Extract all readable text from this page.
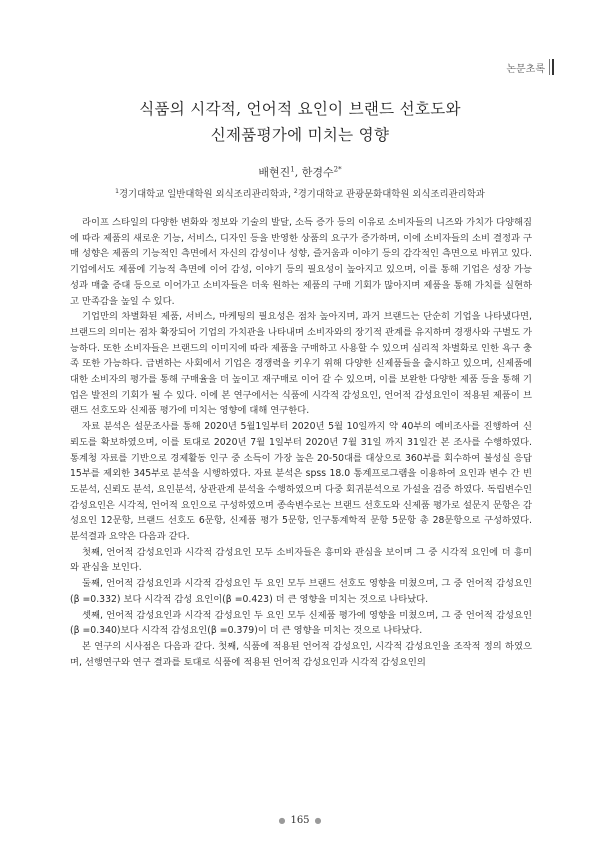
논문초록
식품의 시각적, 언어적 요인이 브랜드 선호도와
신제품평가에 미치는 영향
배현진$^1$, 한경수$^{2*}$
$^1$경기대학교 일반대학원 외식조리관리학과, $^2$경기대학교 관광문화대학원 외식조리관리학과

라이프 스타일의 다양한 변화와 정보와 기술의 발달, 소득 증가 등의 이유로 소비자들의 니즈와 가치가 다양해짐에 따라 제품의 새로운 기능, 서비스, 디자인 등을 반영한 상품의 요구가 증가하며, 이에 소비자들의 소비 결정과 구매 성향은 제품의 기능적인 측면에서 자신의 감성이나 성향, 즐거움과 이야기 등의 감각적인 측면으로 바뀌고 있다. 기업에서도 제품에 기능적 측면에 이어 감성, 이야기 등의 필요성이 높아지고 있으며, 이를 통해 기업은 성장 가능성과 매출 증대 등으로 이어가고 소비자들은 더욱 원하는 제품의 구매 기회가 많아지며 제품을 통해 가치를 실현하고 만족감을 높일 수 있다.

기업만의 차별화된 제품, 서비스, 마케팅의 필요성은 점차 높아지며, 과거 브랜드는 단순히 기업을 나타냈다면, 브랜드의 의미는 점차 확장되어 기업의 가치관을 나타내며 소비자와의 장기적 관계를 유지하며 경쟁사와 구별도 가능하다. 또한 소비자들은 브랜드의 이미지에 따라 제품을 구매하고 사용할 수 있으며 심리적 차별화로 인한 욕구 충족 또한 가능하다. 급변하는 사회에서 기업은 경쟁력을 키우기 위해 다양한 신제품들을 출시하고 있으며, 신제품에 대한 소비자의 평가를 통해 구매율을 더 높이고 재구매로 이어 갈 수 있으며, 이를 보완한 다양한 제품 등을 통해 기업은 발전의 기회가 될 수 있다. 이에 본 연구에서는 식품에 시각적 감성요인, 언어적 감성요인이 적용된 제품이 브랜드 선호도와 신제품 평가에 미치는 영향에 대해 연구한다.

자료 분석은 설문조사를 통해 2020년 5월1일부터 2020년 5월 10일까지 약 40부의 예비조사를 진행하여 신뢰도를 확보하였으며, 이를 토대로 2020년 7월 1일부터 2020년 7월 31일 까지 31일간 본 조사를 수행하였다. 통계청 자료를 기반으로 경제활동 인구 중 소득이 가장 높은 20-50대를 대상으로 360부를 회수하여 불성실 응답 15부를 제외한 345부로 분석을 시행하였다. 자료 분석은 spss 18.0 통계프로그램을 이용하여 요인과 변수 간 빈도분석, 신뢰도 분석, 요인분석, 상관관계 분석을 수행하였으며 다중 회귀분석으로 가설을 검증 하였다. 독립변수인 감성요인은 시각적, 언어적 요인으로 구성하였으며 종속변수로는 브랜드 선호도와 신제품 평가로 설문지 문항은 감성요인 12문항, 브랜드 선호도 6문항, 신제품 평가 5문항, 인구통계학적 문항 5문항 총 28문항으로 구성하였다. 분석결과 요약은 다음과 같다.

첫째, 언어적 감성요인과 시각적 감성요인 모두 소비자들은 흥미와 관심을 보이며 그 중 시각적 요인에 더 흥미와 관심을 보인다.

둘째, 언어적 감성요인과 시각적 감성요인 두 요인 모두 브랜드 선호도 영향을 미쳤으며, 그 중 언어적 감성요인(β =0.332) 보다 시각적 감성 요인이(β =0.423) 더 큰 영향을 미치는 것으로 나타났다.

셋째, 언어적 감성요인과 시각적 감성요인 두 요인 모두 신제품 평가에 영향을 미쳤으며, 그 중 언어적 감성요인(β =0.340)보다 시각적 감성요인(β =0.379)이 더 큰 영향을 미치는 것으로 나타났다.

본 연구의 시사점은 다음과 같다. 첫째, 식품에 적용된 언어적 감성요인, 시각적 감성요인을 조작적 정의 하였으며, 선행연구와 연구 결과를 토대로 식품에 적용된 언어적 감성요인과 시각적 감성요인의

● 165 ●
